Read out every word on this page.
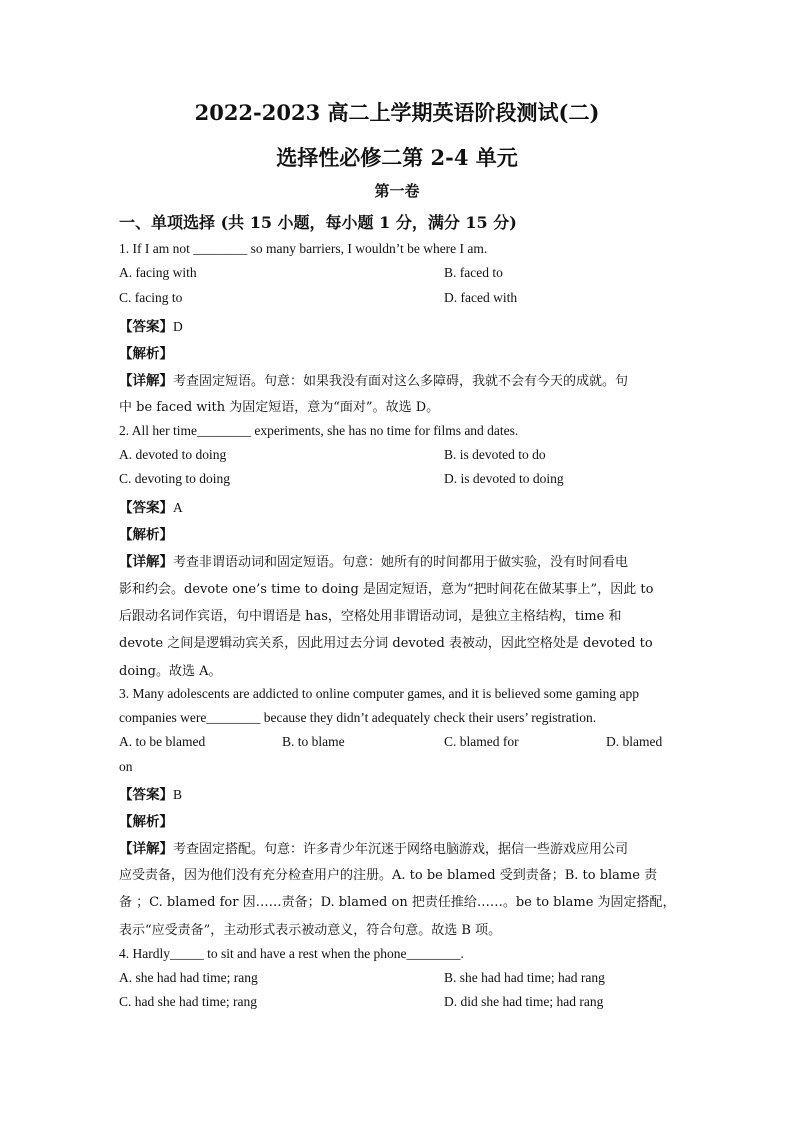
2022-2023 高二上学期英语阶段测试(二)
选择性必修二第 2-4 单元
第一卷
一、单项选择 (共 15 小题，每小题 1 分，满分 15 分)
1. If I am not ________ so many barriers, I wouldn’t be where I am.
A. facing with	B. faced to
C. facing to	D. faced with
【答案】D
【解析】
【详解】考查固定短语。句意：如果我没有面对这么多障碍，我就不会有今天的成就。句
中 be faced with 为固定短语，意为“面对”。故选 D。
2. All her time________ experiments, she has no time for films and dates.
A. devoted to doing	B. is devoted to do
C. devoting to doing	D. is devoted to doing
【答案】A
【解析】
【详解】考查非谓语动词和固定短语。句意：她所有的时间都用于做实验，没有时间看电
影和约会。devote one’s time to doing 是固定短语，意为“把时间花在做某事上”，因此 to
后跟动名词作宾语，句中谓语是 has，空格处用非谓语动词，是独立主格结构，time 和
devote 之间是逻辑动宾关系，因此用过去分词 devoted 表被动，因此空格处是 devoted to
doing。故选 A。
3. Many adolescents are addicted to online computer games, and it is believed some gaming app
companies were________ because they didn’t adequately check their users’ registration.
A. to be blamed	B. to blame	C. blamed for	D. blamed
on
【答案】B
【解析】
【详解】考查固定搭配。句意：许多青少年沉迷于网络电脑游戏，据信一些游戏应用公司
应受责备，因为他们没有充分检查用户的注册。A. to be blamed 受到责备；B. to blame 责
备 ；C. blamed for 因……责备；D. blamed on 把责任推给……。be to blame 为固定搭配，
表示“应受责备”，主动形式表示被动意义，符合句意。故选 B 项。
4. Hardly_____ to sit and have a rest when the phone________.
A. she had had time; rang	B. she had had time; had rang
C. had she had time; rang	D. did she had time; had rang
